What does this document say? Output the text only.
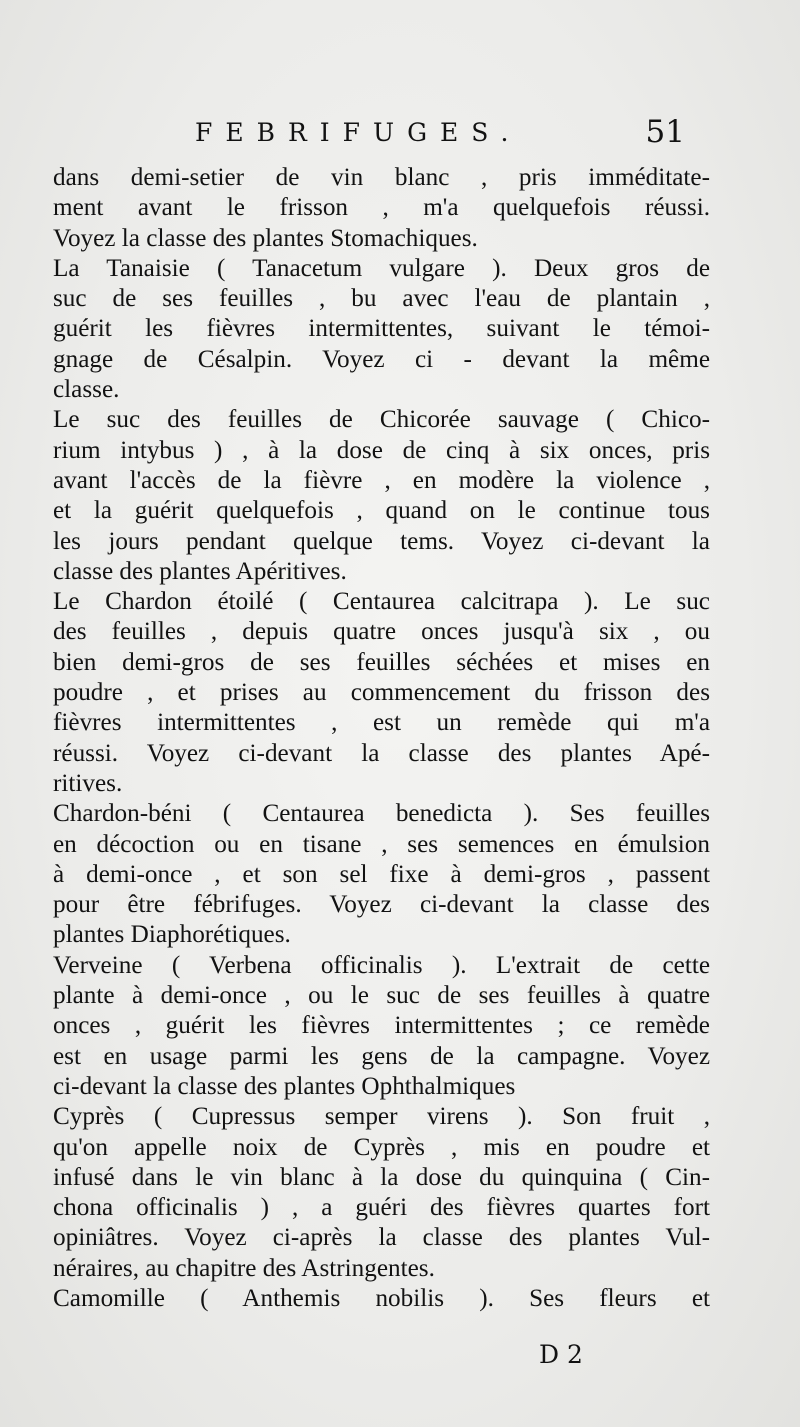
FEBRIFUGES.	51
dans demi-setier de vin blanc , pris imméditate-
ment avant le frisson , m'a quelquefois réussi.
Voyez la classe des plantes Stomachiques.
La Tanaisie ( Tanacetum vulgare ). Deux gros de
suc de ses feuilles , bu avec l'eau de plantain ,
guérit les fièvres intermittentes, suivant le témoi-
gnage de Césalpin. Voyez ci - devant la même
classe.
Le suc des feuilles de Chicorée sauvage ( Chico-
rium intybus ) , à la dose de cinq à six onces, pris
avant l'accès de la fièvre , en modère la violence ,
et la guérit quelquefois , quand on le continue tous
les jours pendant quelque tems. Voyez ci-devant la
classe des plantes Apéritives.
Le Chardon étoilé ( Centaurea calcitrapa ). Le suc
des feuilles , depuis quatre onces jusqu'à six , ou
bien demi-gros de ses feuilles séchées et mises en
poudre , et prises au commencement du frisson des
fièvres intermittentes , est un remède qui m'a
réussi. Voyez ci-devant la classe des plantes Apé-
ritives.
Chardon-béni ( Centaurea benedicta ). Ses feuilles
en décoction ou en tisane , ses semences en émulsion
à demi-once , et son sel fixe à demi-gros , passent
pour être fébrifuges. Voyez ci-devant la classe des
plantes Diaphorétiques.
Verveine ( Verbena officinalis ). L'extrait de cette
plante à demi-once , ou le suc de ses feuilles à quatre
onces , guérit les fièvres intermittentes ; ce remède
est en usage parmi les gens de la campagne. Voyez
ci-devant la classe des plantes Ophthalmiques
Cyprès ( Cupressus semper virens ). Son fruit ,
qu'on appelle noix de Cyprès , mis en poudre et
infusé dans le vin blanc à la dose du quinquina ( Cin-
chona officinalis ) , a guéri des fièvres quartes fort
opiniâtres. Voyez ci-après la classe des plantes Vul-
néraires, au chapitre des Astringentes.
Camomille ( Anthemis nobilis ). Ses fleurs et
D 2
